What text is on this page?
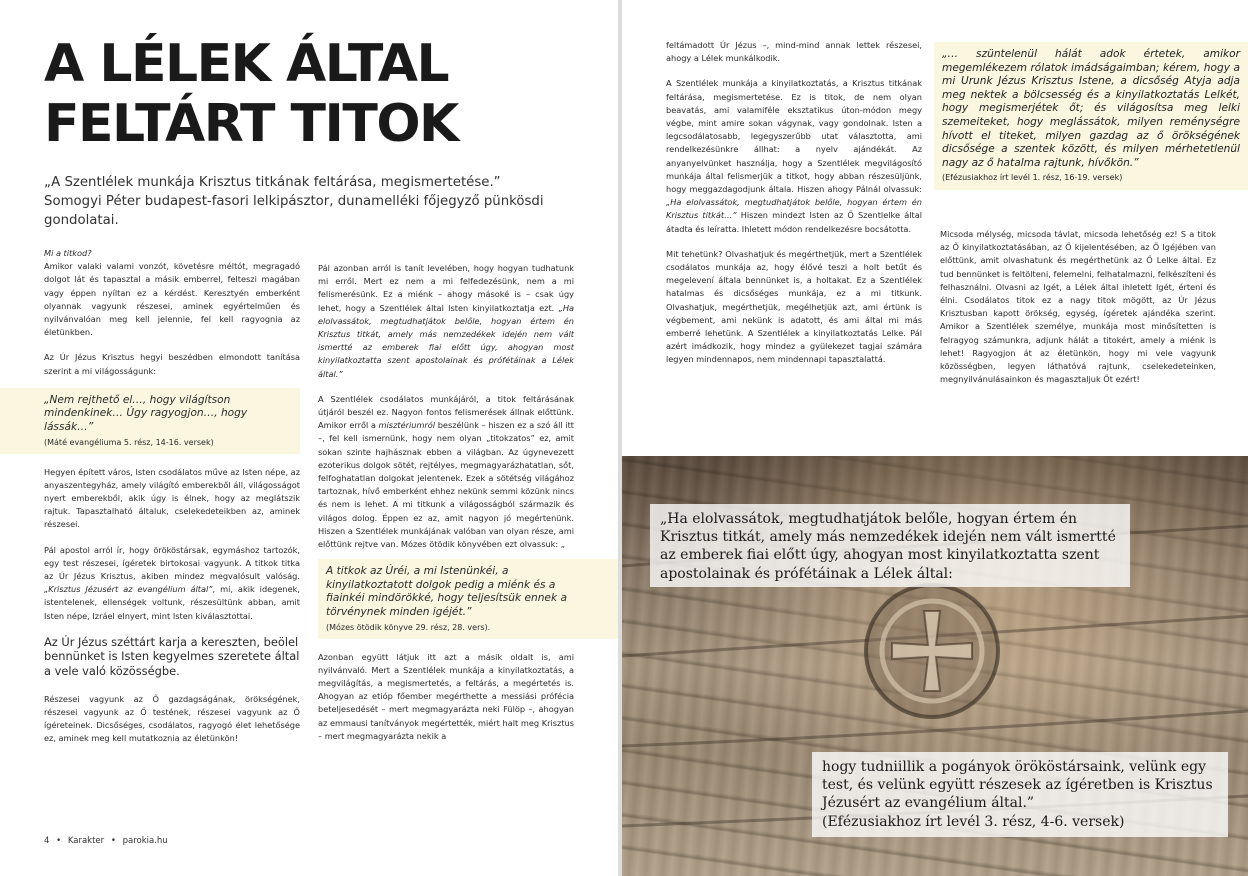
A LÉLEK ÁLTAL
FELTÁRT TITOK

„A Szentlélek munkája Krisztus titkának feltárása, megismertetése.”
Somogyi Péter budapest-fasori lelkipásztor, dunamelléki főjegyző pünkösdi gondolatai.

Mi a titkod?

Amikor valaki valami vonzót, követésre méltót, megragadó dolgot lát és tapasztal a másik emberrel, felteszi magában vagy éppen nyíltan ez a kérdést. Keresztyén emberként olyannak vagyunk részesei, aminek egyértelműen és nyilvánvalóan meg kell jelennie, fel kell ragyognia az életünkben.

Az Úr Jézus Krisztus hegyi beszédben elmondott tanítása szerint a mi világosságunk:

„Nem rejthető el…, hogy világítson mindenkinek… Úgy ragyogjon…, hogy lássák…”

(Máté evangéliuma 5. rész, 14-16. versek)

Hegyen épített város, Isten csodálatos műve az Isten népe, az anyaszentegyház, amely világító emberekből áll, világosságot nyert emberekből, akik úgy is élnek, hogy az meglátszik rajtuk. Tapasztalható általuk, cselekedeteikben az, aminek részesei.

Pál apostol arról ír, hogy örököstársak, egymáshoz tartozók, egy test részesei, ígéretek birtokosai vagyunk. A titkok titka az Úr Jézus Krisztus, akiben mindez megvalósult valóság. „Krisztus Jézusért az evangélium által”, mi, akik idegenek, istentelenek, ellenségek voltunk, részesültünk abban, amit Isten népe, Izráel elnyert, mint Isten kiválasztottai.

Az Úr Jézus széttárt karja a kereszten, beölel bennünket is Isten kegyelmes szeretete által a vele való közösségbe.

Részesei vagyunk az Ő gazdagságának, örökségének, részesei vagyunk az Ő testének, részesei vagyunk az Ő ígéreteinek. Dicsőséges, csodálatos, ragyogó élet lehetősége ez, aminek meg kell mutatkoznia az életünkön!

Pál azonban arról is tanít levelében, hogy hogyan tudhatunk mi erről. Mert ez nem a mi felfedezésünk, nem a mi felismerésünk. Ez a miénk – ahogy másoké is – csak úgy lehet, hogy a Szentlélek által Isten kinyilatkoztatja ezt. „Ha elolvassátok, megtudhatjátok belőle, hogyan értem én Krisztus titkát, amely más nemzedékek idején nem vált ismertté az emberek fiai előtt úgy, ahogyan most kinyilatkoztatta szent apostolainak és prófétáinak a Lélek által.”

A Szentlélek csodálatos munkájáról, a titok feltárásának útjáról beszél ez. Nagyon fontos felismerések állnak előttünk. Amikor erről a misztériumról beszélünk – hiszen ez a szó áll itt –, fel kell ismernünk, hogy nem olyan „titokzatos” ez, amit sokan szinte hajhásznak ebben a világban. Az úgynevezett ezoterikus dolgok sötét, rejtélyes, megmagyarázhatatlan, sőt, felfoghatatlan dolgokat jelentenek. Ezek a sötétség világához tartoznak, hívő emberként ehhez nekünk semmi közünk nincs és nem is lehet. A mi titkunk a világosságból származik és világos dolog. Éppen ez az, amit nagyon jó megértenünk. Hiszen a Szentlélek munkájának valóban van olyan része, ami előttünk rejtve van. Mózes ötödik könyvében ezt olvassuk: „

A titkok az Úréi, a mi Istenünkéi, a kinyilatkoztatott dolgok pedig a miénk és a fiainkéi mindörökké, hogy teljesítsük ennek a törvénynek minden igéjét.”

(Mózes ötödik könyve 29. rész, 28. vers).

Azonban együtt látjuk itt azt a másik oldalt is, ami nyilvánvaló. Mert a Szentlélek munkája a kinyilatkoztatás, a megvilágítás, a megismertetés, a feltárás, a megértetés is. Ahogyan az etióp főember megérthette a messiási prófécia beteljesedését – mert megmagyarázta neki Fülöp –, ahogyan az emmausi tanítványok megértették, miért halt meg Krisztus – mert megmagyarázta nekik a

4 • Karakter • parokia.hu

feltámadott Úr Jézus –, mind-mind annak lettek részesei, ahogy a Lélek munkálkodik.

A Szentlélek munkája a kinyilatkoztatás, a Krisztus titkának feltárása, megismertetése. Ez is titok, de nem olyan beavatás, ami valamiféle eksztatikus úton-módon megy végbe, mint amire sokan vágynak, vagy gondolnak. Isten a legcsodálatosabb, legegyszerűbb utat választotta, ami rendelkezésünkre állhat: a nyelv ajándékát. Az anyanyelvünket használja, hogy a Szentlélek megvilágosító munkája által felismerjük a titkot, hogy abban részesüljünk, hogy meggazdagodjunk általa. Hiszen ahogy Pálnál olvassuk: „Ha elolvassátok, megtudhatjátok belőle, hogyan értem én Krisztus titkát…” Hiszen mindezt Isten az Ő Szentlelke által átadta és leíratta. Ihletett módon rendelkezésre bocsátotta.

Mit tehetünk? Olvashatjuk és megérthetjük, mert a Szentlélek csodálatos munkája az, hogy élővé teszi a holt betűt és megelevení általa bennünket is, a holtakat. Ez a Szentlélek hatalmas és dicsőséges munkája, ez a mi titkunk. Olvashatjuk, megérthetjük, megélhetjük azt, ami értünk is végbement, ami nekünk is adatott, és ami által mi más emberré lehetünk. A Szentlélek a kinyilatkoztatás Lelke. Pál azért imádkozik, hogy mindez a gyülekezet tagjai számára legyen mindennapos, nem mindennapi tapasztalattá.

„… szüntelenül hálát adok értetek, amikor megemlékezem rólatok imádságaimban; kérem, hogy a mi Urunk Jézus Krisztus Istene, a dicsőség Atyja adja meg nektek a bölcsesség és a kinyilatkoztatás Lelkét, hogy megismerjétek őt; és világosítsa meg lelki szemeiteket, hogy meglássátok, milyen reménységre hívott el titeket, milyen gazdag az ő örökségének dicsősége a szentek között, és milyen mérhetetlenül nagy az ő hatalma rajtunk, hívőkön.”

(Efézusiakhoz írt levél 1. rész, 16-19. versek)

Micsoda mélység, micsoda távlat, micsoda lehetőség ez! S a titok az Ő kinyilatkoztatásában, az Ő kijelentésében, az Ő Igéjében van előttünk, amit olvashatunk és megérthetünk az Ő Lelke által. Ez tud bennünket is feltölteni, felemelni, felhatalmazni, felkészíteni és felhasználni. Olvasni az Igét, a Lélek által ihletett Igét, érteni és élni. Csodálatos titok ez a nagy titok mögött, az Úr Jézus Krisztusban kapott örökség, egység, ígéretek ajándéka szerint. Amikor a Szentlélek személye, munkája most minősítetten is felragyog számunkra, adjunk hálát a titokért, amely a miénk is lehet! Ragyogjon át az életünkön, hogy mi vele vagyunk közösségben, legyen láthatóvá rajtunk, cselekedeteinken, megnyilvánulásainkon és magasztaljuk Őt ezért!

„Ha elolvassátok, megtudhatjátok belőle, hogyan értem én Krisztus titkát, amely más nemzedékek idején nem vált ismertté az emberek fiai előtt úgy, ahogyan most kinyilatkoztatta szent apostolainak és prófétáinak a Lélek által:
hogy tudniillik a pogányok örököstársaink, velünk egy test, és velünk együtt részesek az ígéretben is Krisztus Jézusért az evangélium által.”
(Efézusiakhoz írt levél 3. rész, 4-6. versek)
